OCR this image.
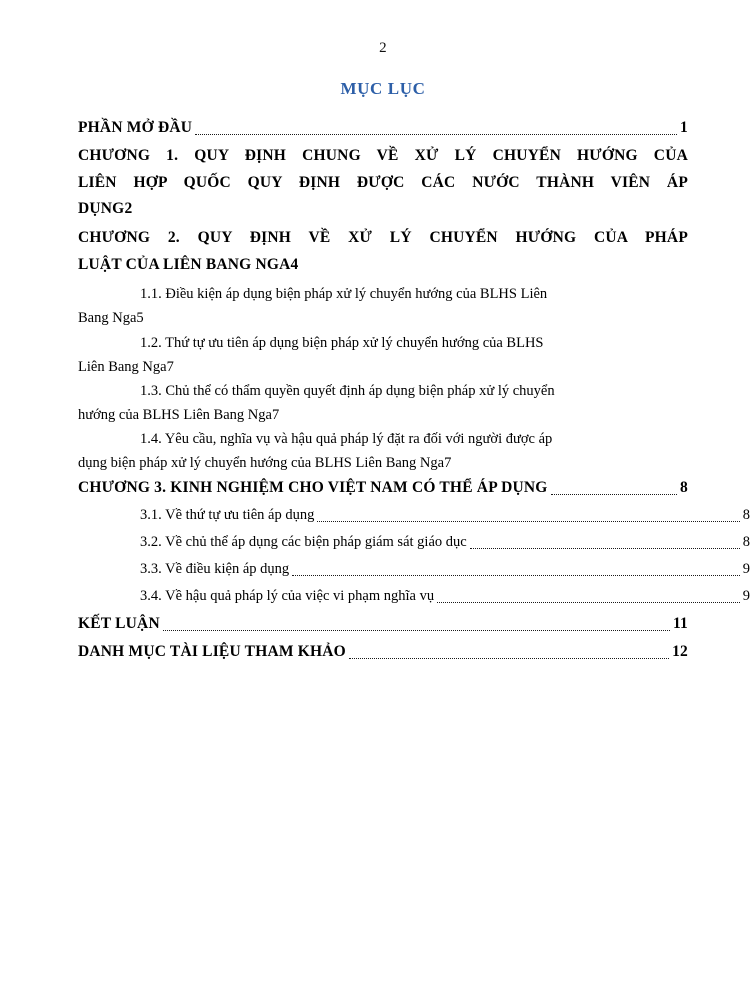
2
MỤC LỤC
PHẦN MỞ ĐẦU	1
CHƯƠNG 1. QUY ĐỊNH CHUNG VỀ XỬ LÝ CHUYỂN HƯỚNG CỦA
LIÊN HỢP QUỐC QUY ĐỊNH ĐƯỢC CÁC NƯỚC THÀNH VIÊN ÁP
DỤNG 2
CHƯƠNG 2. QUY ĐỊNH VỀ XỬ LÝ CHUYỂN HƯỚNG CỦA PHÁP
LUẬT CỦA LIÊN BANG NGA 4
1.1. Điều kiện áp dụng biện pháp xử lý chuyển hướng của BLHS Liên
Bang Nga 5
1.2. Thứ tự ưu tiên áp dụng biện pháp xử lý chuyển hướng của BLHS
Liên Bang Nga 7
1.3. Chủ thể có thẩm quyền quyết định áp dụng biện pháp xử lý chuyển
hướng của BLHS Liên Bang Nga 7
1.4. Yêu cầu, nghĩa vụ và hậu quả pháp lý đặt ra đối với người được áp
dụng biện pháp xử lý chuyển hướng của BLHS Liên Bang Nga 7
CHƯƠNG 3. KINH NGHIỆM CHO VIỆT NAM CÓ THỂ ÁP DỤNG	8
3.1. Về thứ tự ưu tiên áp dụng	8
3.2. Về chủ thể áp dụng các biện pháp giám sát giáo dục	8
3.3. Về điều kiện áp dụng	9
3.4. Về hậu quả pháp lý của việc vi phạm nghĩa vụ	9
KẾT LUẬN	11
DANH MỤC TÀI LIỆU THAM KHẢO	12
